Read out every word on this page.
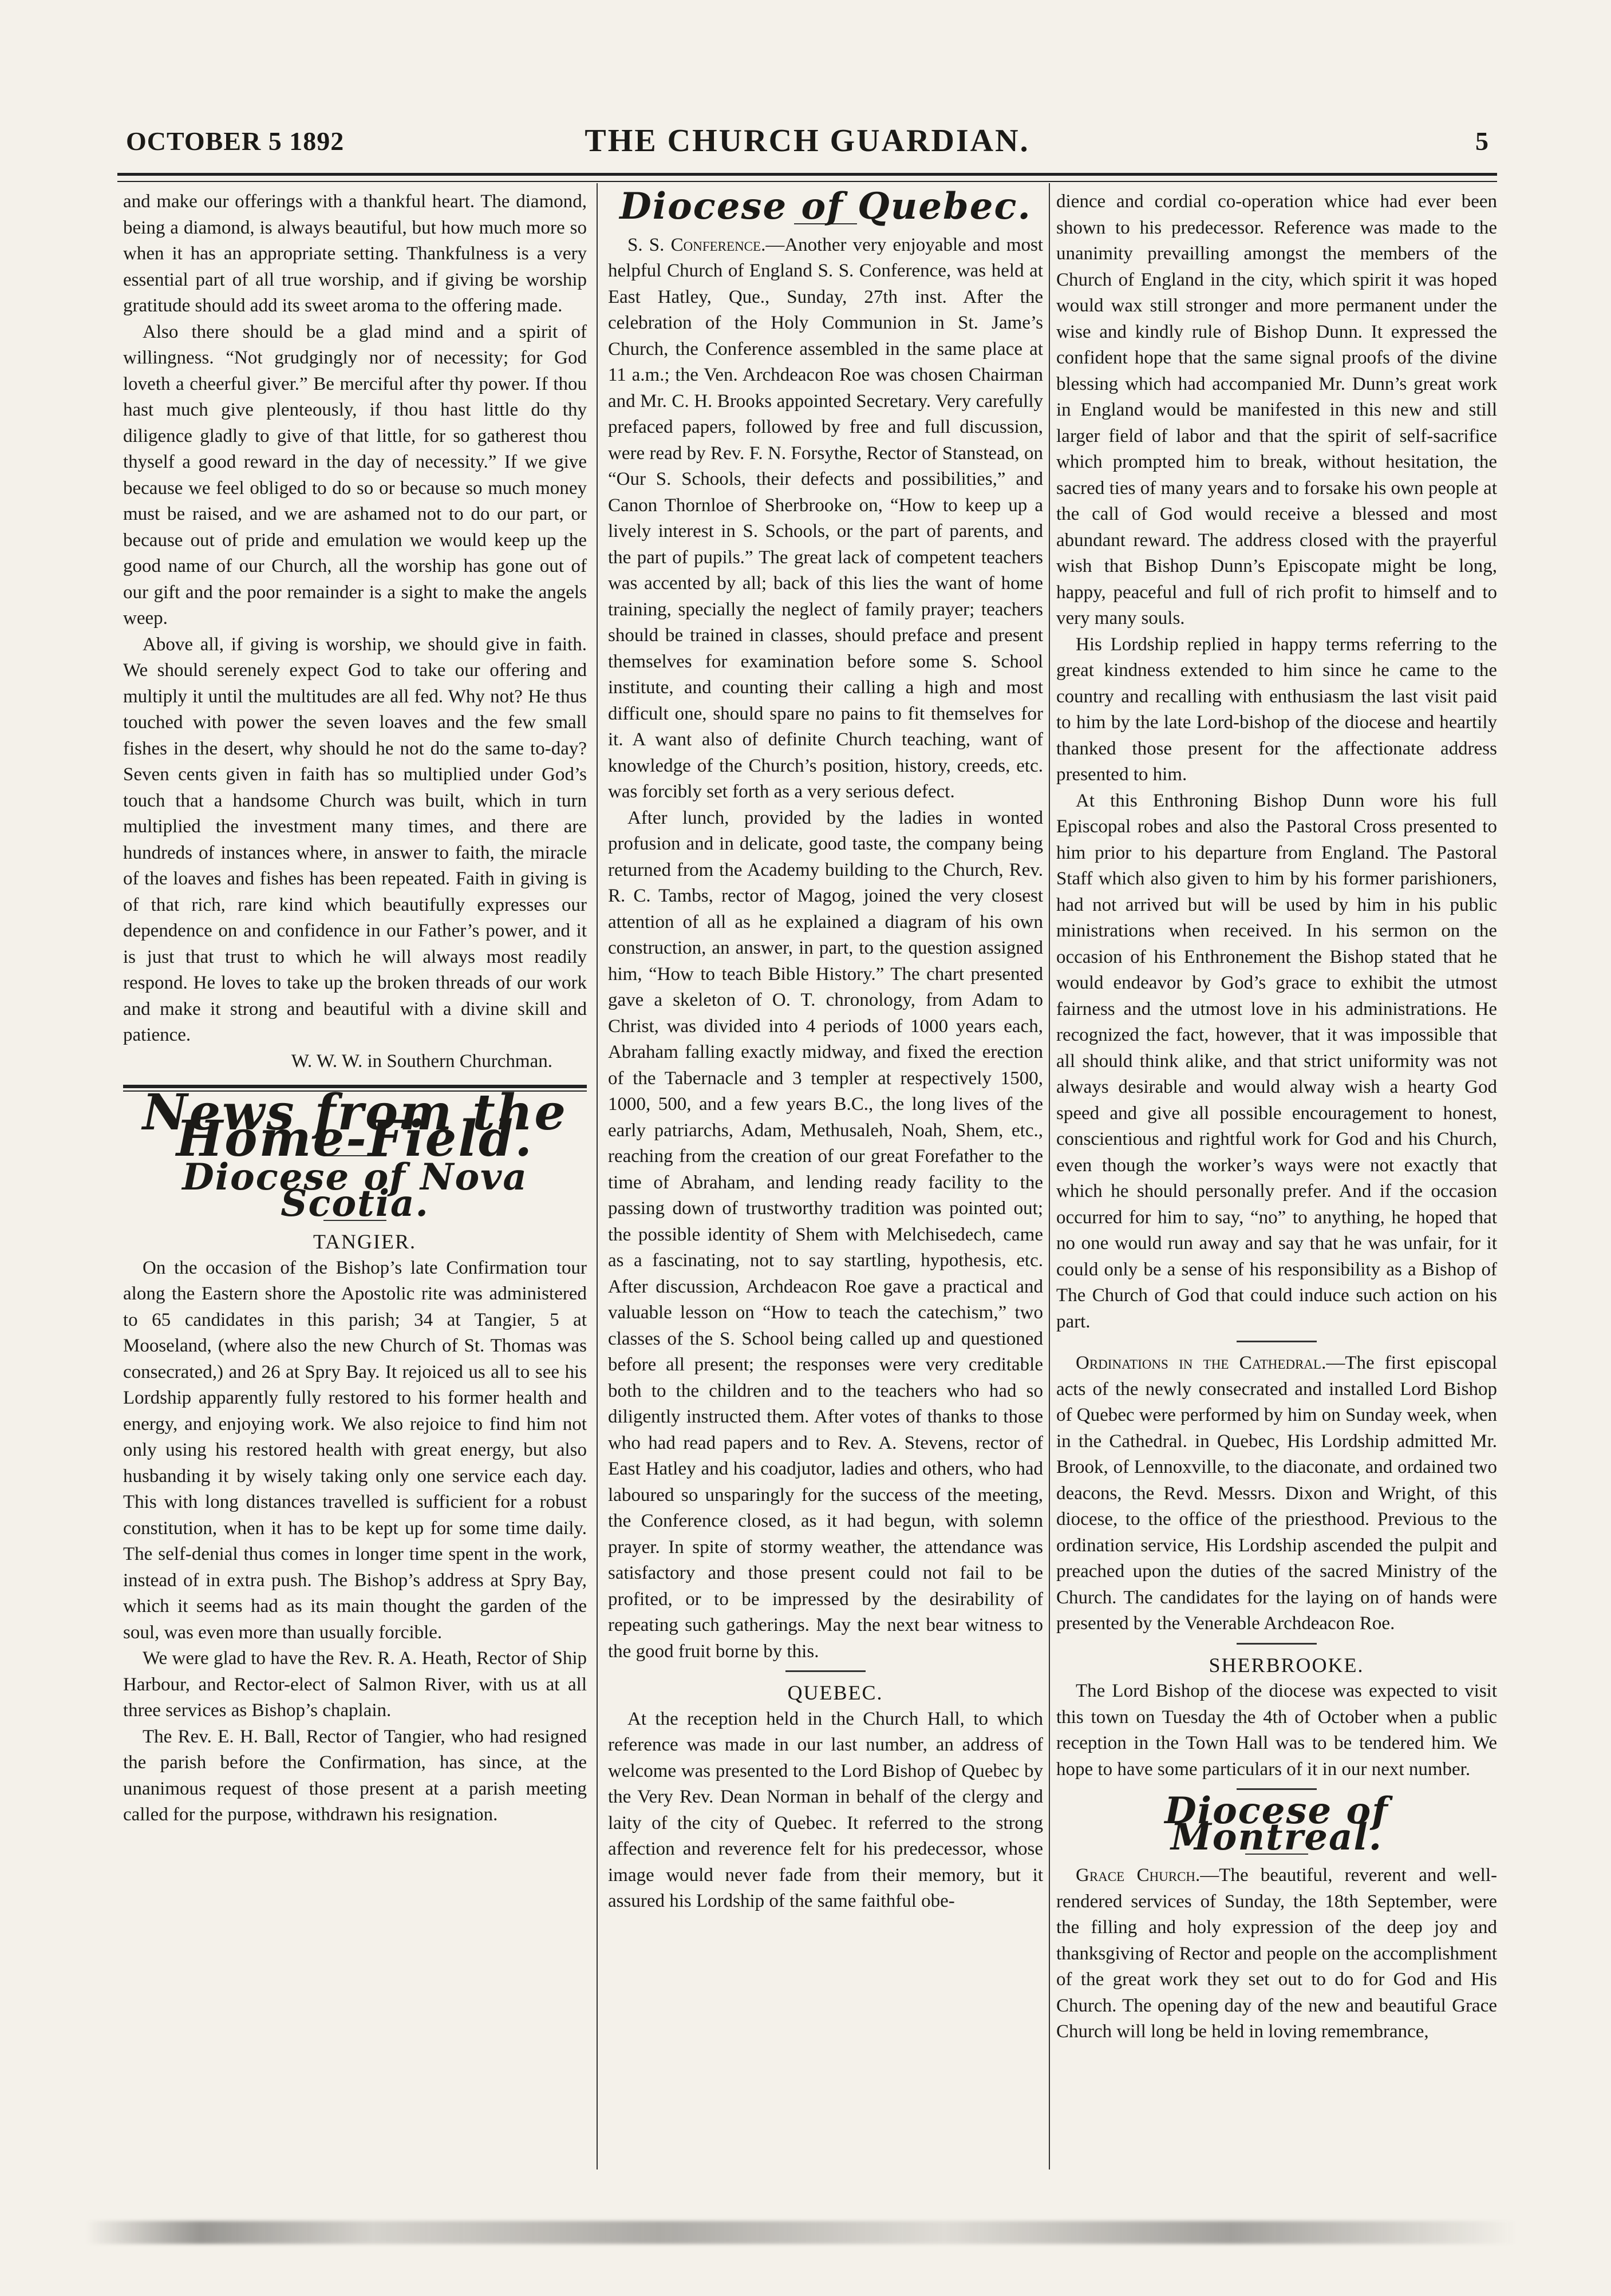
OCTOBER 5 1892	THE CHURCH GUARDIAN.	5

and make our offerings with a thankful heart. The diamond, being a diamond, is always beautiful, but how much more so when it has an appropriate setting. Thankfulness is a very essential part of all true worship, and if giving be worship gratitude should add its sweet aroma to the offering made.

Also there should be a glad mind and a spirit of willingness. “Not grudgingly nor of necessity; for God loveth a cheerful giver.” Be merciful after thy power. If thou hast much give plenteously, if thou hast little do thy diligence gladly to give of that little, for so gatherest thou thyself a good reward in the day of necessity.” If we give because we feel obliged to do so or because so much money must be raised, and we are ashamed not to do our part, or because out of pride and emulation we would keep up the good name of our Church, all the worship has gone out of our gift and the poor remainder is a sight to make the angels weep.

Above all, if giving is worship, we should give in faith. We should serenely expect God to take our offering and multiply it until the multitudes are all fed. Why not? He thus touched with power the seven loaves and the few small fishes in the desert, why should he not do the same to-day? Seven cents given in faith has so multiplied under God’s touch that a handsome Church was built, which in turn multiplied the investment many times, and there are hundreds of instances where, in answer to faith, the miracle of the loaves and fishes has been repeated. Faith in giving is of that rich, rare kind which beautifully expresses our dependence on and confidence in our Father’s power, and it is just that trust to which he will always most readily respond. He loves to take up the broken threads of our work and make it strong and beautiful with a divine skill and patience.

W. W. W. in Southern Churchman.

News from the Home-Field.
Diocese of Nova Scotia.

TANGIER.

On the occasion of the Bishop’s late Confirmation tour along the Eastern shore the Apostolic rite was administered to 65 candidates in this parish; 34 at Tangier, 5 at Mooseland, (where also the new Church of St. Thomas was consecrated,) and 26 at Spry Bay. It rejoiced us all to see his Lordship apparently fully restored to his former health and energy, and enjoying work. We also rejoice to find him not only using his restored health with great energy, but also husbanding it by wisely taking only one service each day. This with long distances travelled is sufficient for a robust constitution, when it has to be kept up for some time daily. The self-denial thus comes in longer time spent in the work, instead of in extra push. The Bishop’s address at Spry Bay, which it seems had as its main thought the garden of the soul, was even more than usually forcible.

We were glad to have the Rev. R. A. Heath, Rector of Ship Harbour, and Rector-elect of Salmon River, with us at all three services as Bishop’s chaplain.

The Rev. E. H. Ball, Rector of Tangier, who had resigned the parish before the Confirmation, has since, at the unanimous request of those present at a parish meeting called for the purpose, withdrawn his resignation.

Diocese of Quebec.

S. S. Conference.—Another very enjoyable and most helpful Church of England S. S. Conference, was held at East Hatley, Que., Sunday, 27th inst. After the celebration of the Holy Communion in St. Jame’s Church, the Conference assembled in the same place at 11 a.m.; the Ven. Archdeacon Roe was chosen Chairman and Mr. C. H. Brooks appointed Secretary. Very carefully prefaced papers, followed by free and full discussion, were read by Rev. F. N. Forsythe, Rector of Stanstead, on “Our S. Schools, their defects and possibilities,” and Canon Thornloe of Sherbrooke on, “How to keep up a lively interest in S. Schools, or the part of parents, and the part of pupils.” The great lack of competent teachers was accented by all; back of this lies the want of home training, specially the neglect of family prayer; teachers should be trained in classes, should preface and present themselves for examination before some S. School institute, and counting their calling a high and most difficult one, should spare no pains to fit themselves for it. A want also of definite Church teaching, want of knowledge of the Church’s position, history, creeds, etc. was forcibly set forth as a very serious defect.

After lunch, provided by the ladies in wonted profusion and in delicate, good taste, the company being returned from the Academy building to the Church, Rev. R. C. Tambs, rector of Magog, joined the very closest attention of all as he explained a diagram of his own construction, an answer, in part, to the question assigned him, “How to teach Bible History.” The chart presented gave a skeleton of O. T. chronology, from Adam to Christ, was divided into 4 periods of 1000 years each, Abraham falling exactly midway, and fixed the erection of the Tabernacle and 3 templer at respectively 1500, 1000, 500, and a few years B.C., the long lives of the early patriarchs, Adam, Methusaleh, Noah, Shem, etc., reaching from the creation of our great Forefather to the time of Abraham, and lending ready facility to the passing down of trustworthy tradition was pointed out; the possible identity of Shem with Melchisedech, came as a fascinating, not to say startling, hypothesis, etc. After discussion, Archdeacon Roe gave a practical and valuable lesson on “How to teach the catechism,” two classes of the S. School being called up and questioned before all present; the responses were very creditable both to the children and to the teachers who had so diligently instructed them. After votes of thanks to those who had read papers and to Rev. A. Stevens, rector of East Hatley and his coadjutor, ladies and others, who had laboured so unsparingly for the success of the meeting, the Conference closed, as it had begun, with solemn prayer. In spite of stormy weather, the attendance was satisfactory and those present could not fail to be profited, or to be impressed by the desirability of repeating such gatherings. May the next bear witness to the good fruit borne by this.

QUEBEC.

At the reception held in the Church Hall, to which reference was made in our last number, an address of welcome was presented to the Lord Bishop of Quebec by the Very Rev. Dean Norman in behalf of the clergy and laity of the city of Quebec. It referred to the strong affection and reverence felt for his predecessor, whose image would never fade from their memory, but it assured his Lordship of the same faithful obe-

dience and cordial co-operation whice had ever been shown to his predecessor. Reference was made to the unanimity prevailling amongst the members of the Church of England in the city, which spirit it was hoped would wax still stronger and more permanent under the wise and kindly rule of Bishop Dunn. It expressed the confident hope that the same signal proofs of the divine blessing which had accompanied Mr. Dunn’s great work in England would be manifested in this new and still larger field of labor and that the spirit of self-sacrifice which prompted him to break, without hesitation, the sacred ties of many years and to forsake his own people at the call of God would receive a blessed and most abundant reward. The address closed with the prayerful wish that Bishop Dunn’s Episcopate might be long, happy, peaceful and full of rich profit to himself and to very many souls.

His Lordship replied in happy terms referring to the great kindness extended to him since he came to the country and recalling with enthusiasm the last visit paid to him by the late Lord-bishop of the diocese and heartily thanked those present for the affectionate address presented to him.

At this Enthroning Bishop Dunn wore his full Episcopal robes and also the Pastoral Cross presented to him prior to his departure from England. The Pastoral Staff which also given to him by his former parishioners, had not arrived but will be used by him in his public ministrations when received. In his sermon on the occasion of his Enthronement the Bishop stated that he would endeavor by God’s grace to exhibit the utmost fairness and the utmost love in his administrations. He recognized the fact, however, that it was impossible that all should think alike, and that strict uniformity was not always desirable and would alway wish a hearty God speed and give all possible encouragement to honest, conscientious and rightful work for God and his Church, even though the worker’s ways were not exactly that which he should personally prefer. And if the occasion occurred for him to say, “no” to anything, he hoped that no one would run away and say that he was unfair, for it could only be a sense of his responsibility as a Bishop of The Church of God that could induce such action on his part.

Ordinations in the Cathedral.—The first episcopal acts of the newly consecrated and installed Lord Bishop of Quebec were performed by him on Sunday week, when in the Cathedral. in Quebec, His Lordship admitted Mr. Brook, of Lennoxville, to the diaconate, and ordained two deacons, the Revd. Messrs. Dixon and Wright, of this diocese, to the office of the priesthood. Previous to the ordination service, His Lordship ascended the pulpit and preached upon the duties of the sacred Ministry of the Church. The candidates for the laying on of hands were presented by the Venerable Archdeacon Roe.

SHERBROOKE.

The Lord Bishop of the diocese was expected to visit this town on Tuesday the 4th of October when a public reception in the Town Hall was to be tendered him. We hope to have some particulars of it in our next number.

Diocese of Montreal.

Grace Church.—The beautiful, reverent and well-rendered services of Sunday, the 18th September, were the filling and holy expression of the deep joy and thanksgiving of Rector and people on the accomplishment of the great work they set out to do for God and His Church. The opening day of the new and beautiful Grace Church will long be held in loving remembrance,
